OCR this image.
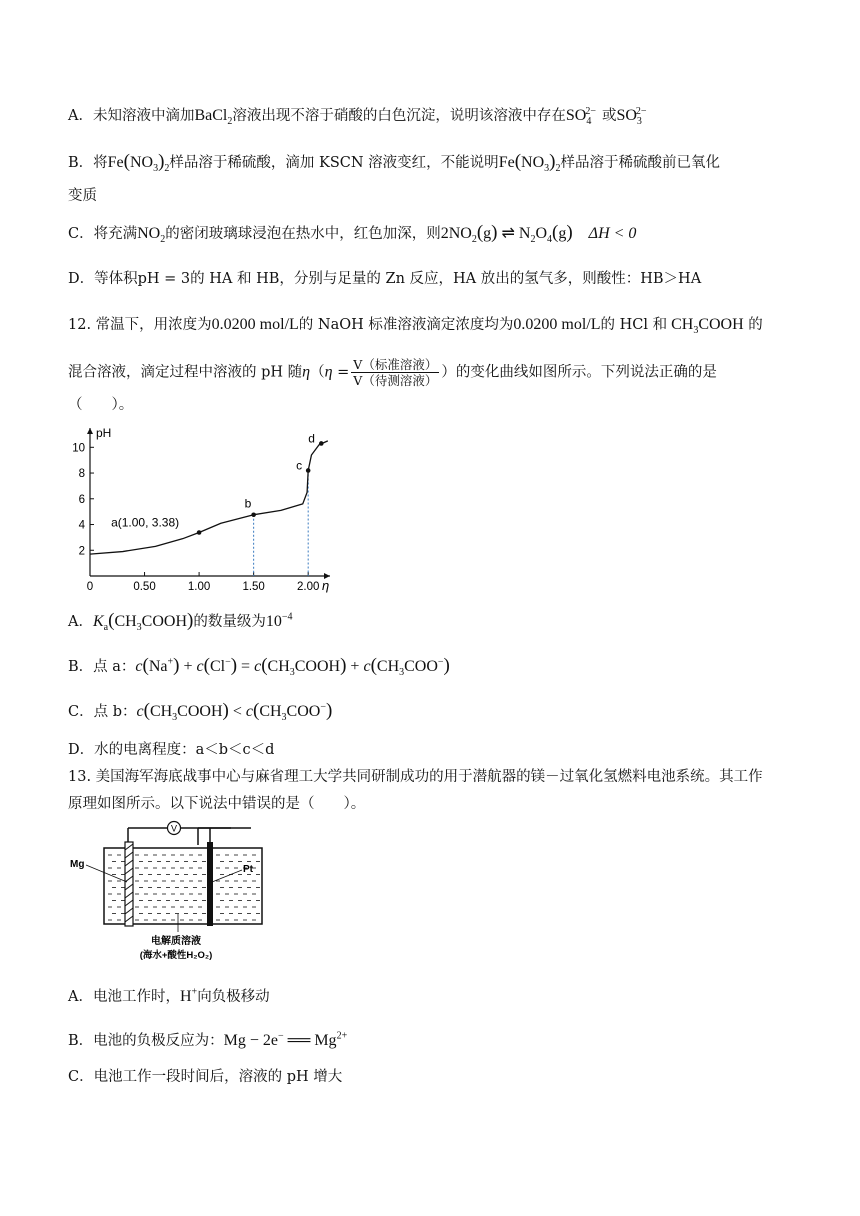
A．未知溶液中滴加BaCl$_2$溶液出现不溶于硝酸的白色沉淀，说明该溶液中存在$SO_4^{2-}$ 或$SO_3^{2-}$
B．将$Fe(NO_3)_2$样品溶于稀硫酸，滴加 KSCN 溶液变红，不能说明$Fe(NO_3)_2$样品溶于稀硫酸前已氧化
变质
C．将充满$NO_2$的密闭玻璃球浸泡在热水中，红色加深，则$2NO_2(g)$ ⇌ $N_2O_4(g) \Delta H < 0$
D．等体积pH = 3的 HA 和 HB，分别与足量的 Zn 反应，HA 放出的氢气多，则酸性：HB＞HA
12. 常温下，用浓度为0.0200 mol/L的 NaOH 标准溶液滴定浓度均为0.0200 mol/L的 HCl 和 $CH_3COOH$ 的
混合溶液，滴定过程中溶液的 pH 随$\eta(\eta = \frac{\text{V（标准溶液）}}{\text{V（待测溶液）}}$ ）的变化曲线如图所示。下列说法正确的是
（　　）。
pH
η
0	0.50	1.00	1.50	2.00
2
4
6
8
10
a(1.00, 3.38)
b
c
d
A．$K_a(CH_3COOH)$的数量级为$10^{-4}$
B．点 a：$c(Na^+) + c(Cl^-) = c(CH_3COOH) + c(CH_3COO^-)$
C．点 b：$c(CH_3COOH) < c(CH_3COO^-)$
D．水的电离程度：a＜b＜c＜d
13. 美国海军海底战事中心与麻省理工大学共同研制成功的用于潜航器的镁－过氧化氢燃料电池系统。其工作
原理如图所示。以下说法中错误的是（　　）。
V
Mg	Pt
电解质溶液
(海水+酸性H₂O₂)
A．电池工作时，H+向负极移动
B．电池的负极反应为：Mg − 2e− ══ $Mg^{2+}$
C．电池工作一段时间后，溶液的 pH 增大
